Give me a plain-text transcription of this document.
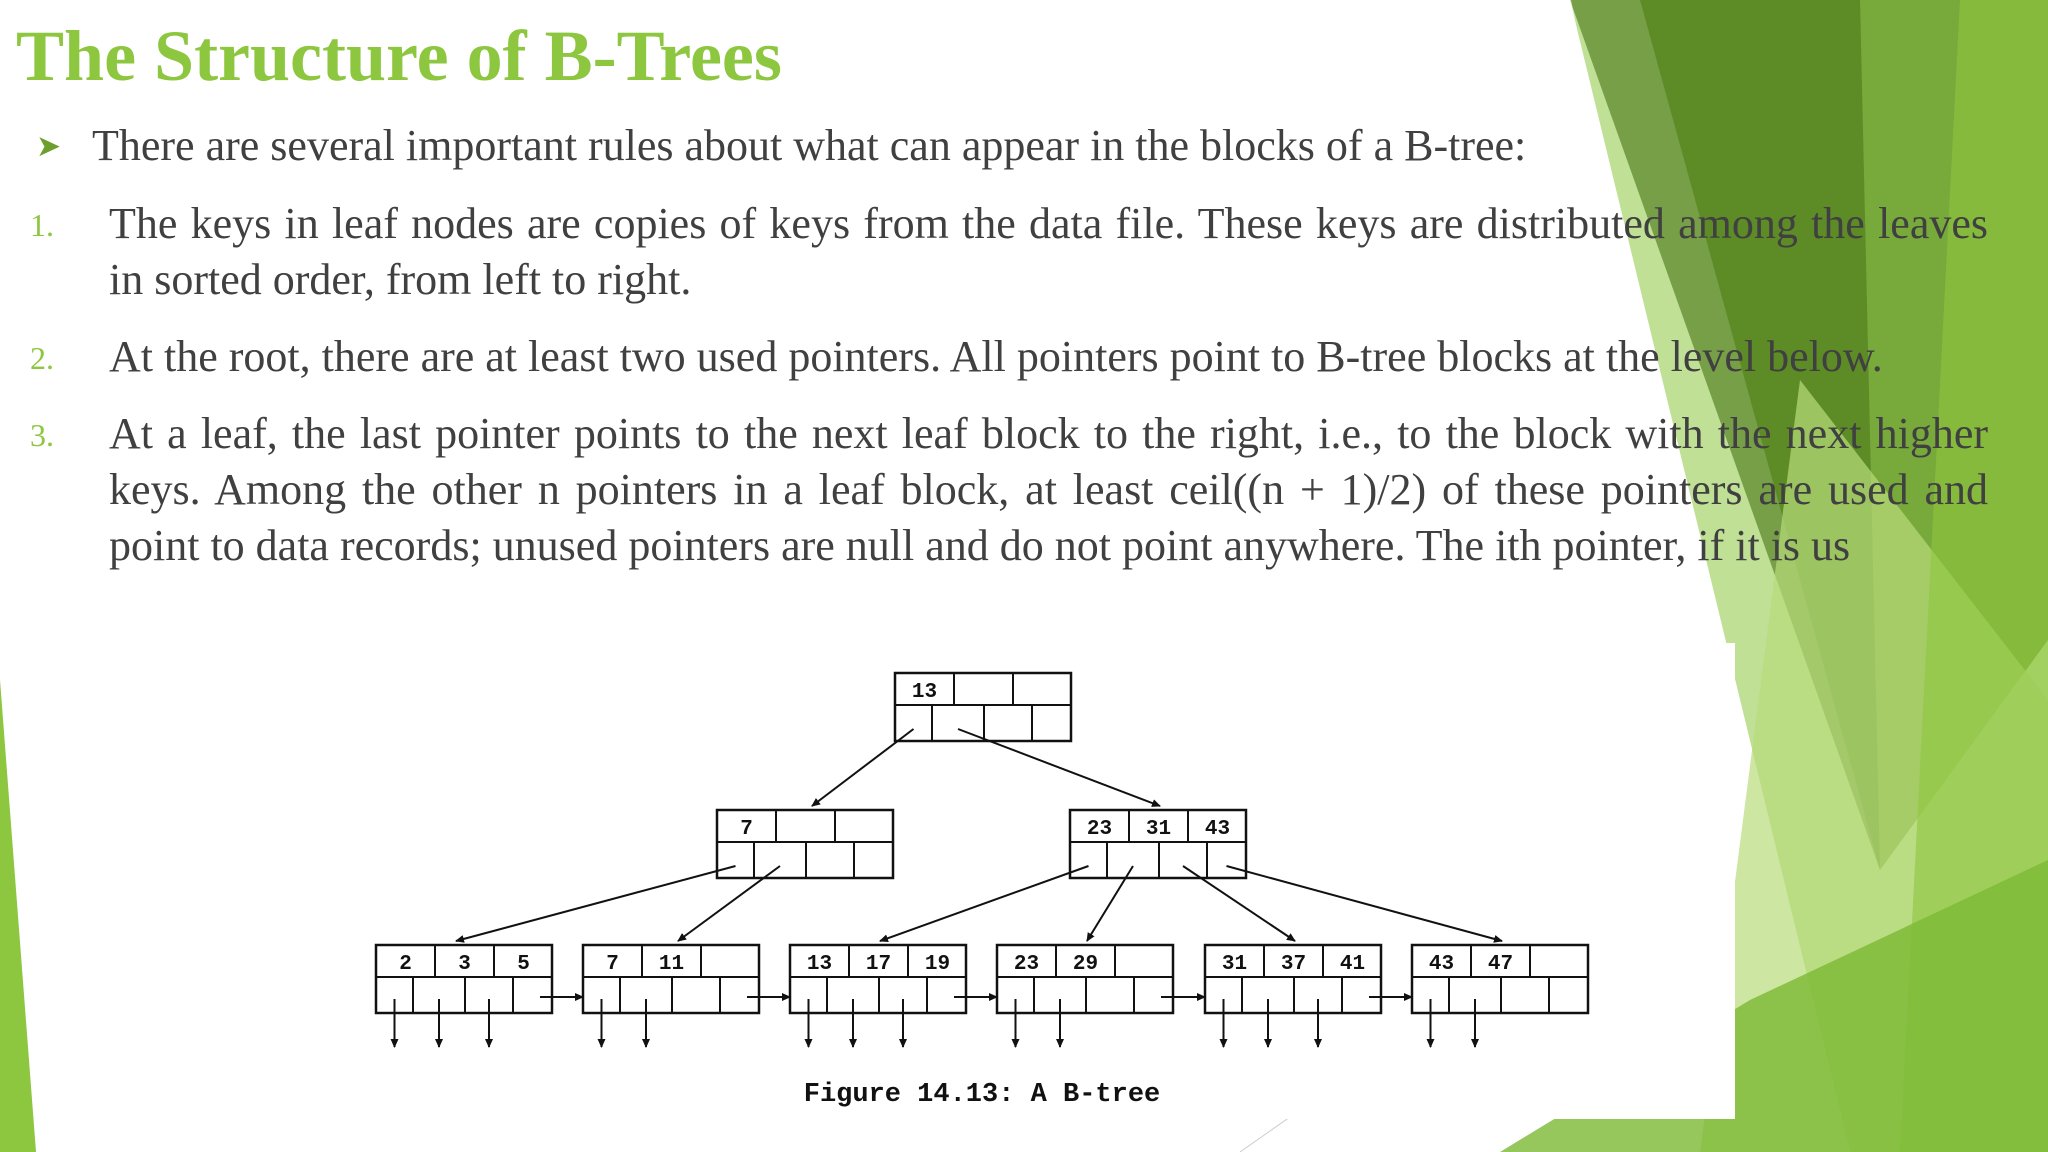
The Structure of B-Trees
➤ There are several important rules about what can appear in the blocks of a B-tree:
1. The keys in leaf nodes are copies of keys from the data file. These keys are distributed among the leaves in sorted order, from left to right.
2. At the root, there are at least two used pointers. All pointers point to B-tree blocks at the level below.
3. At a leaf, the last pointer points to the next leaf block to the right, i.e., to the block with the next higher keys. Among the other n pointers in a leaf block, at least ceil((n + 1)/2) of these pointers are used and point to data records; unused pointers are null and do not point anywhere. The ith pointer, if it is us
13
7	23 31 43
2 3 5	7 11	13 17 19	23 29	31 37 41	43 47
Figure 14.13: A B-tree
